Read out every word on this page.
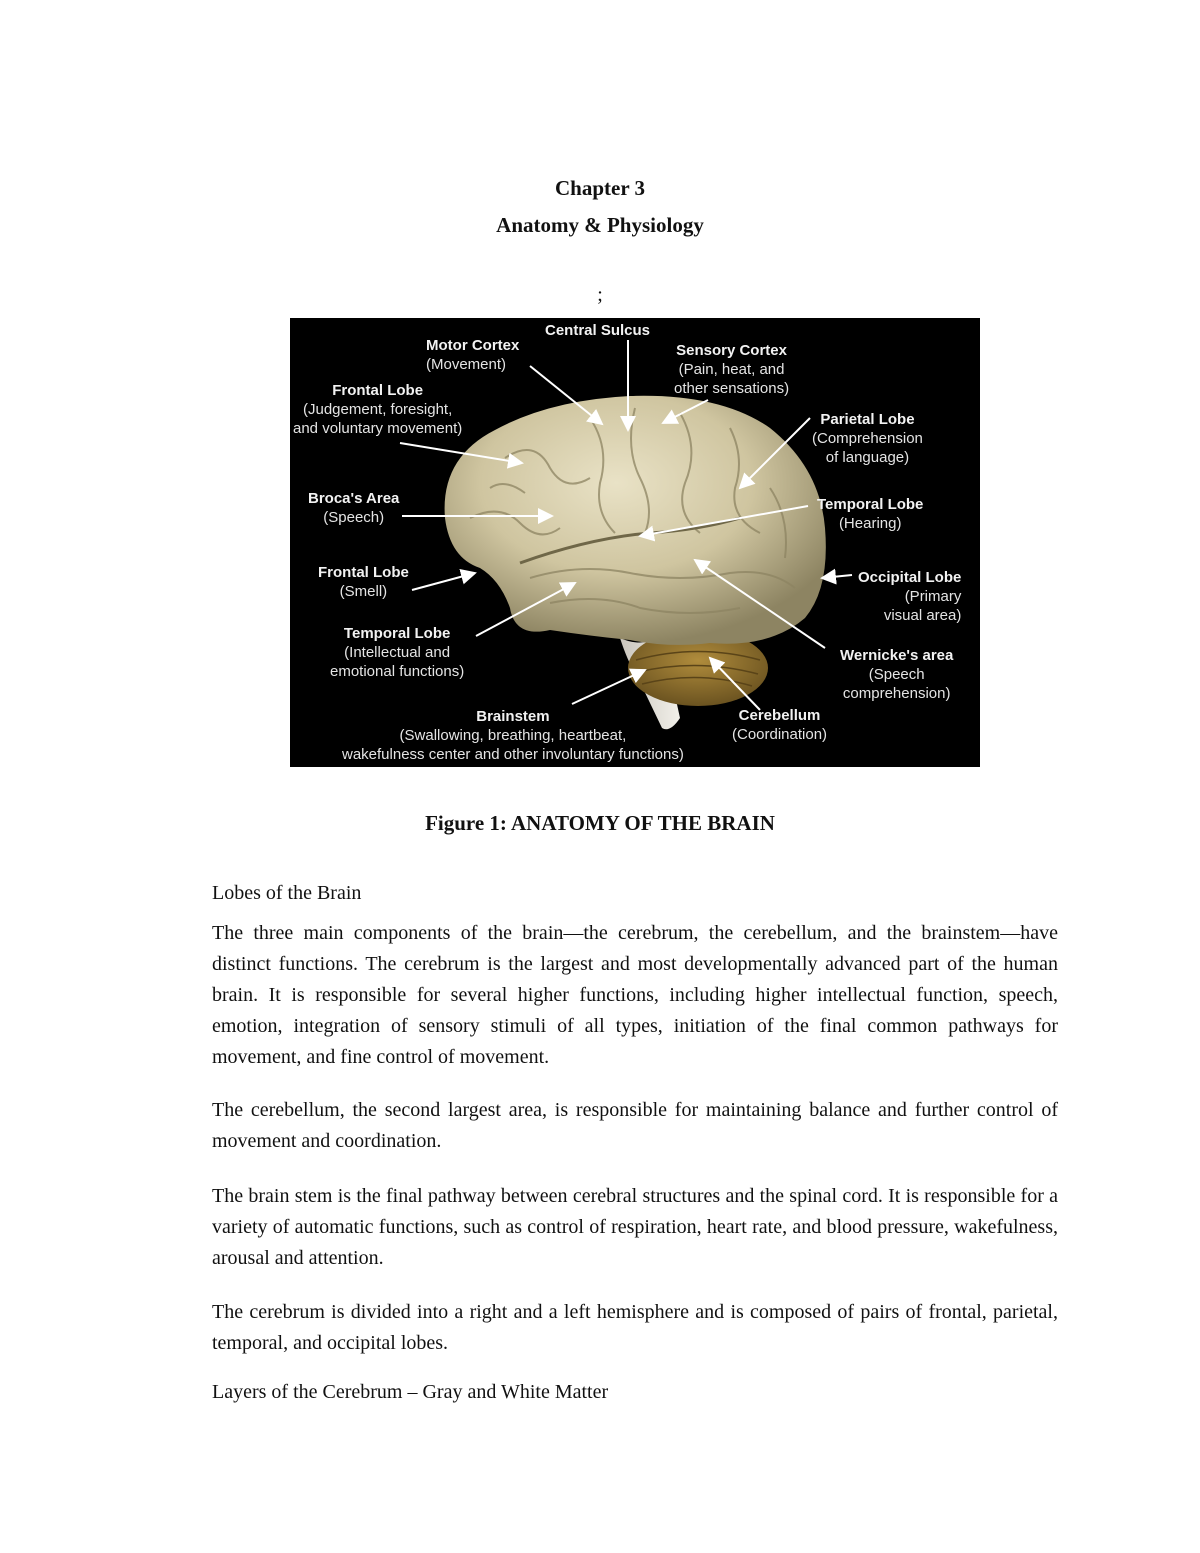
Chapter 3
Anatomy & Physiology
;
Central Sulcus
Motor Cortex
(Movement)
Sensory Cortex
(Pain, heat, and
other sensations)
Frontal Lobe
(Judgement, foresight,
and voluntary movement)
Parietal Lobe
(Comprehension
of language)
Broca's Area
(Speech)
Temporal Lobe
(Hearing)
Frontal Lobe
(Smell)
Occipital Lobe
(Primary
visual area)
Temporal Lobe
(Intellectual and
emotional functions)
Wernicke's area
(Speech
comprehension)
Brainstem
(Swallowing, breathing, heartbeat,
wakefulness center and other involuntary functions)
Cerebellum
(Coordination)
Figure 1: ANATOMY OF THE BRAIN
Lobes of the Brain

The three main components of the brain—the cerebrum, the cerebellum, and the brainstem—have distinct functions. The cerebrum is the largest and most developmentally advanced part of the human brain. It is responsible for several higher functions, including higher intellectual function, speech, emotion, integration of sensory stimuli of all types, initiation of the final common pathways for movement, and fine control of movement.

The cerebellum, the second largest area, is responsible for maintaining balance and further control of movement and coordination.

The brain stem is the final pathway between cerebral structures and the spinal cord. It is responsible for a variety of automatic functions, such as control of respiration, heart rate, and blood pressure, wakefulness, arousal and attention.

The cerebrum is divided into a right and a left hemisphere and is composed of pairs of frontal, parietal, temporal, and occipital lobes.

Layers of the Cerebrum – Gray and White Matter
